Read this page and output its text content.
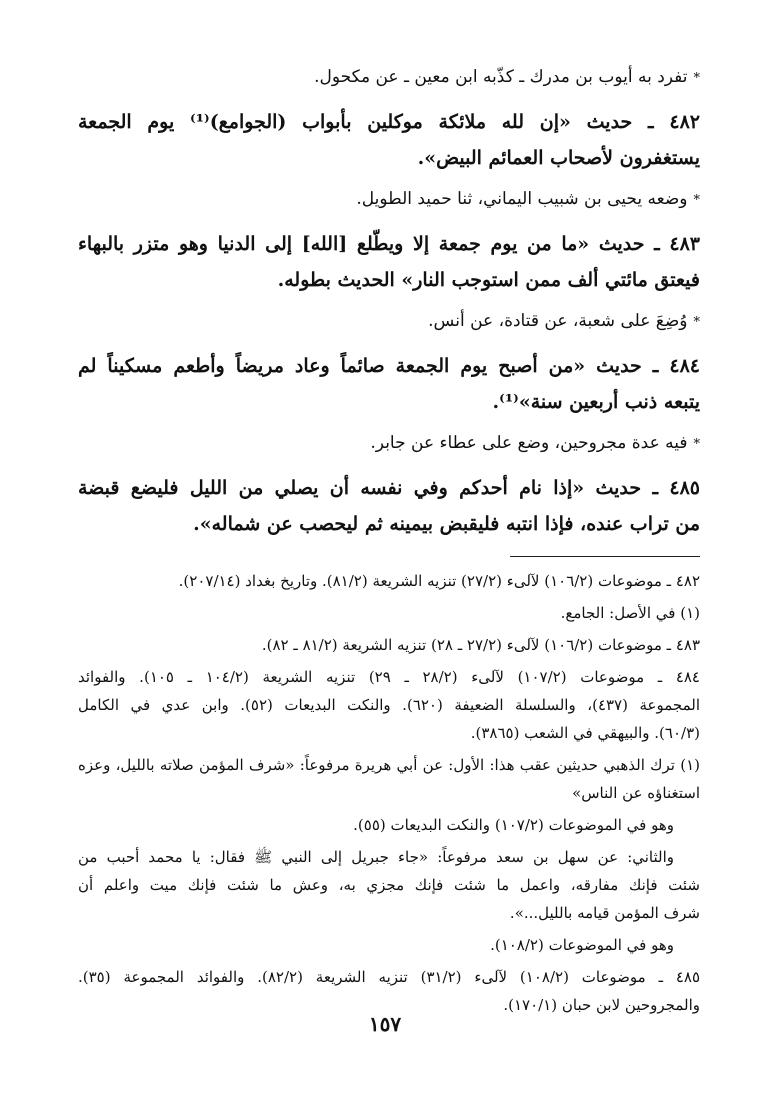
*تفرد به أيوب بن مدرك ـ كذّبه ابن معين ـ عن مكحول.
٤٨٢ ـ حديث «إن لله ملائكة موكلين بأبواب (الجوامع)⁽¹⁾ يوم الجمعة
يستغفرون لأصحاب العمائم البيض».
*وضعه يحيى بن شبيب اليماني، ثنا حميد الطويل.
٤٨٣ ـ حديث «ما من يوم جمعة إلا ويطّلع [الله] إلى الدنيا وهو متزر بالبهاء
فيعتق مائتي ألف ممن استوجب النار» الحديث بطوله.
*وُضِعَ على شعبة، عن قتادة، عن أنس.
٤٨٤ ـ حديث «من أصبح يوم الجمعة صائماً وعاد مريضاً وأطعم مسكيناً لم
يتبعه ذنب أربعين سنة»⁽¹⁾.
*فيه عدة مجروحين، وضع على عطاء عن جابر.
٤٨٥ ـ حديث «إذا نام أحدكم وفي نفسه أن يصلي من الليل فليضع قبضة
من تراب عنده، فإذا انتبه فليقبض بيمينه ثم ليحصب عن شماله».
٤٨٢ ـ موضوعات (١٠٦/٢) لآلىء (٢٧/٢) تنزيه الشريعة (٨١/٢). وتاريخ بغداد (٢٠٧/١٤).
(١) في الأصل: الجامع.
٤٨٣ ـ موضوعات (١٠٦/٢) لآلىء (٢٧/٢ ـ ٢٨) تنزيه الشريعة (٨١/٢ ـ ٨٢).
٤٨٤ ـ موضوعات (١٠٧/٢) لآلىء (٢٨/٢ ـ ٢٩) تنزيه الشريعة (١٠٤/٢ ـ ١٠٥). والفوائد
المجموعة (٤٣٧)، والسلسلة الضعيفة (٦٢٠). والنكت البديعات (٥٢). وابن عدي في الكامل
(٦٠/٣). والبيهقي في الشعب (٣٨٦٥).
(١) ترك الذهبي حديثين عقب هذا: الأول: عن أبي هريرة مرفوعاً: «شرف المؤمن صلاته بالليل، وعزه
استغناؤه عن الناس»
وهو في الموضوعات (١٠٧/٢) والنكت البديعات (٥٥).
والثاني: عن سهل بن سعد مرفوعاً: «جاء جبريل إلى النبي ﷺ فقال: يا محمد أحبب من
شئت فإنك مفارقه، واعمل ما شئت فإنك مجزي به، وعش ما شئت فإنك ميت واعلم أن
شرف المؤمن قيامه بالليل...».
وهو في الموضوعات (١٠٨/٢).
٤٨٥ ـ موضوعات (١٠٨/٢) لآلىء (٣١/٢) تنزيه الشريعة (٨٢/٢). والفوائد المجموعة (٣٥).
والمجروحين لابن حبان (١٧٠/١).
١٥٧
